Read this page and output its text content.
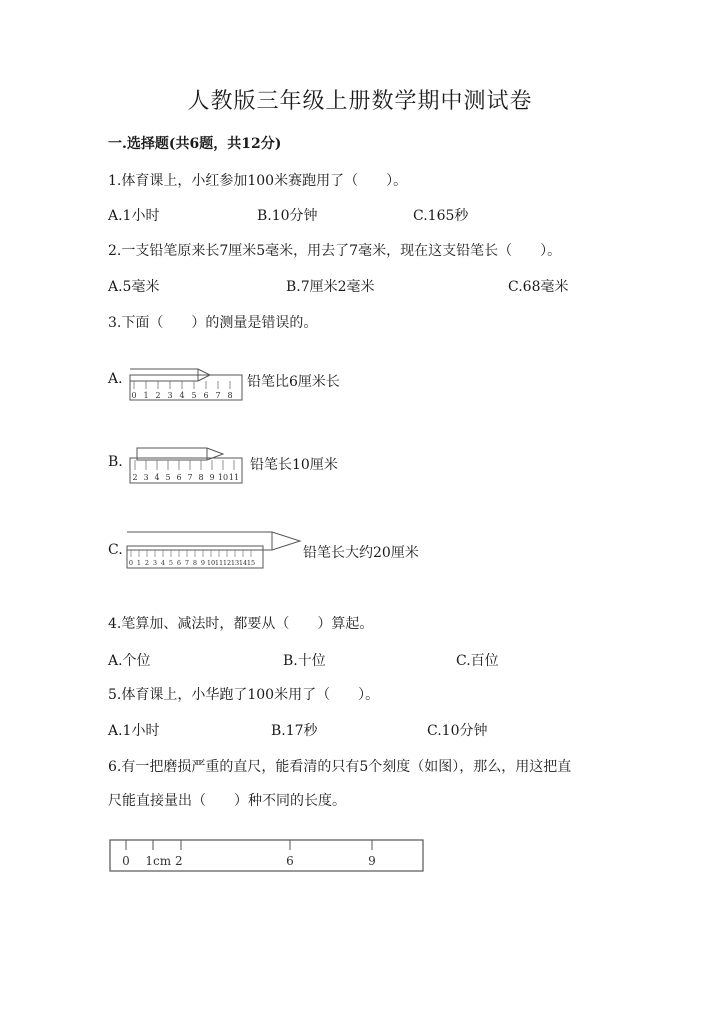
人教版三年级上册数学期中测试卷
一.选择题(共6题，共12分)
1.体育课上，小红参加100米赛跑用了（　　）。
A.1小时	B.10分钟	C.165秒
2.一支铅笔原来长7厘米5毫米，用去了7毫米，现在这支铅笔长（　　）。
A.5毫米	B.7厘米2毫米	C.68毫米
3.下面（　　）的测量是错误的。
A.
0 1 2 3 4 5 6 7 8
铅笔比6厘米长
B.
2 3 4 5 6 7 8 9 10 11
铅笔长10厘米
C.
0 1 2 3 4 5 6 7 8 9 10 11 12 13 14 15
铅笔长大约20厘米
4.笔算加、减法时，都要从（　　）算起。
A.个位	B.十位	C.百位
5.体育课上，小华跑了100米用了（　　）。
A.1小时	B.17秒	C.10分钟
6.有一把磨损严重的直尺，能看清的只有5个刻度（如图），那么，用这把直
尺能直接量出（　　）种不同的长度。
0 1cm 2	6	9
